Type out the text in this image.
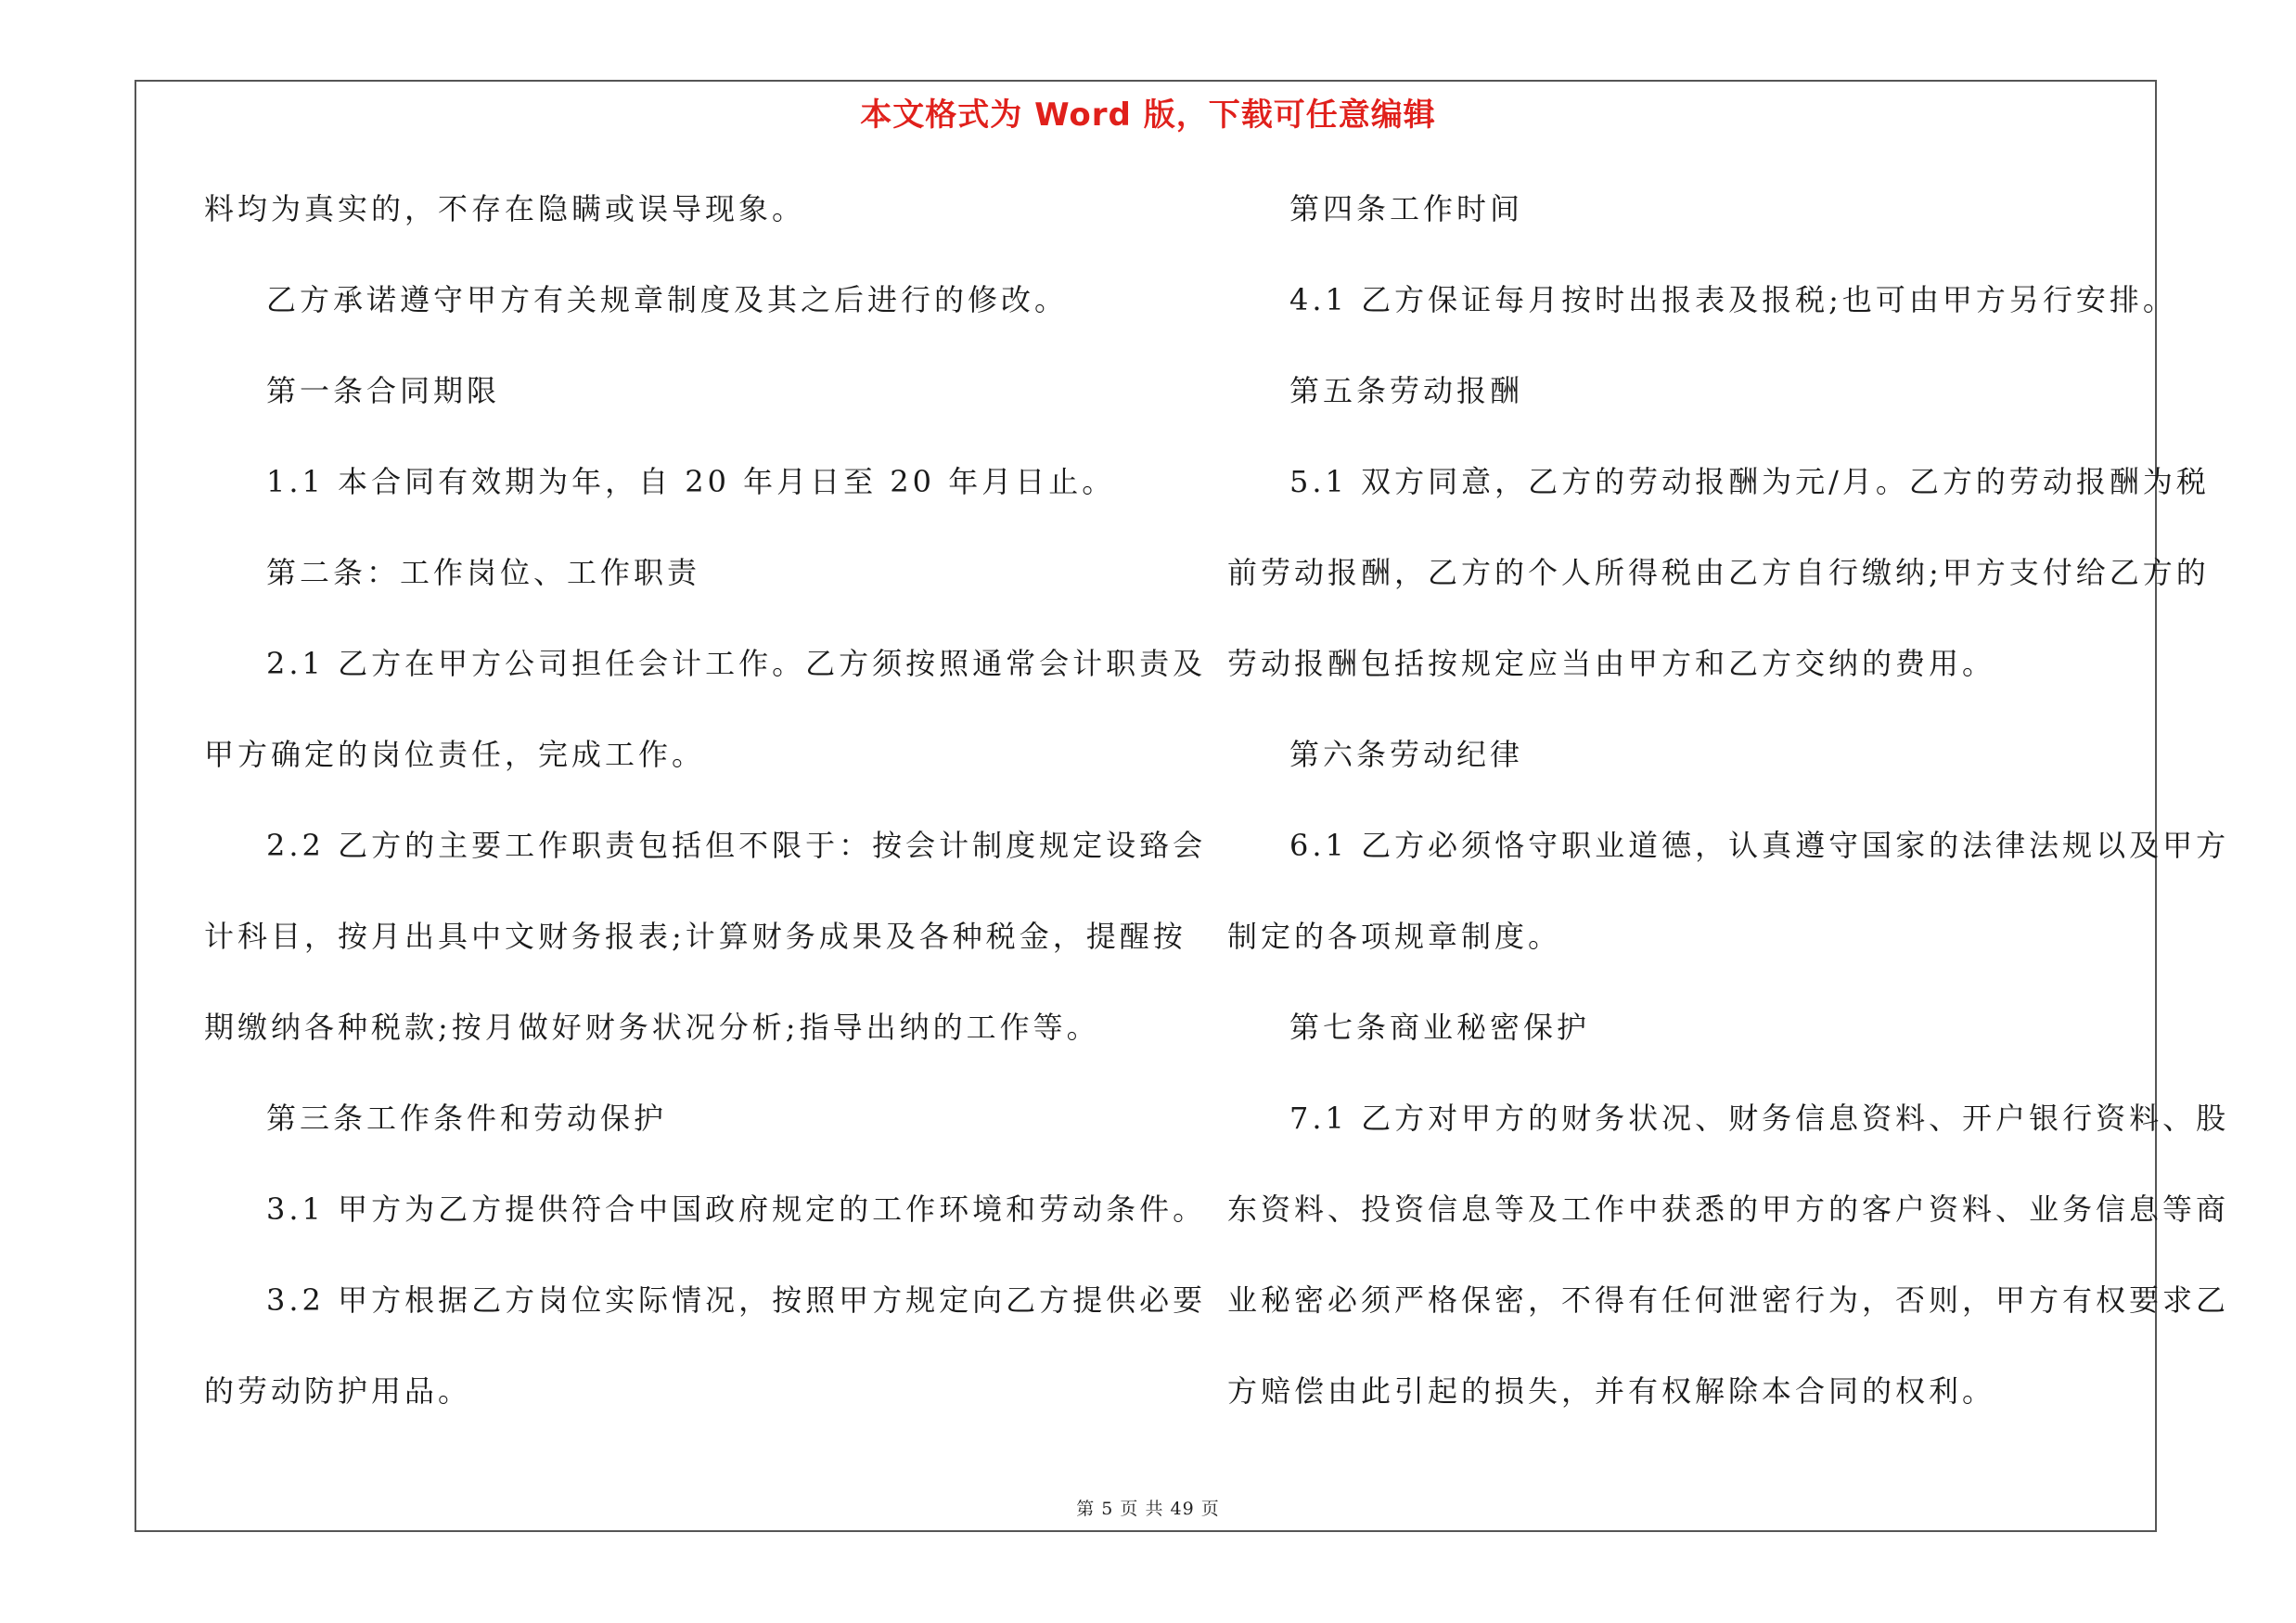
本文格式为 Word 版，下载可任意编辑
料均为真实的，不存在隐瞒或误导现象。
乙方承诺遵守甲方有关规章制度及其之后进行的修改。
第一条合同期限
1.1 本合同有效期为年，自 20 年月日至 20 年月日止。
第二条：工作岗位、工作职责
2.1 乙方在甲方公司担任会计工作。乙方须按照通常会计职责及
甲方确定的岗位责任，完成工作。
2.2 乙方的主要工作职责包括但不限于：按会计制度规定设臵会
计科目，按月出具中文财务报表;计算财务成果及各种税金，提醒按
期缴纳各种税款;按月做好财务状况分析;指导出纳的工作等。
第三条工作条件和劳动保护
3.1 甲方为乙方提供符合中国政府规定的工作环境和劳动条件。
3.2 甲方根据乙方岗位实际情况，按照甲方规定向乙方提供必要
的劳动防护用品。
第四条工作时间
4.1 乙方保证每月按时出报表及报税;也可由甲方另行安排。
第五条劳动报酬
5.1 双方同意，乙方的劳动报酬为元/月。乙方的劳动报酬为税
前劳动报酬，乙方的个人所得税由乙方自行缴纳;甲方支付给乙方的
劳动报酬包括按规定应当由甲方和乙方交纳的费用。
第六条劳动纪律
6.1 乙方必须恪守职业道德，认真遵守国家的法律法规以及甲方
制定的各项规章制度。
第七条商业秘密保护
7.1 乙方对甲方的财务状况、财务信息资料、开户银行资料、股
东资料、投资信息等及工作中获悉的甲方的客户资料、业务信息等商
业秘密必须严格保密，不得有任何泄密行为，否则，甲方有权要求乙
方赔偿由此引起的损失，并有权解除本合同的权利。
第 5 页 共 49 页
